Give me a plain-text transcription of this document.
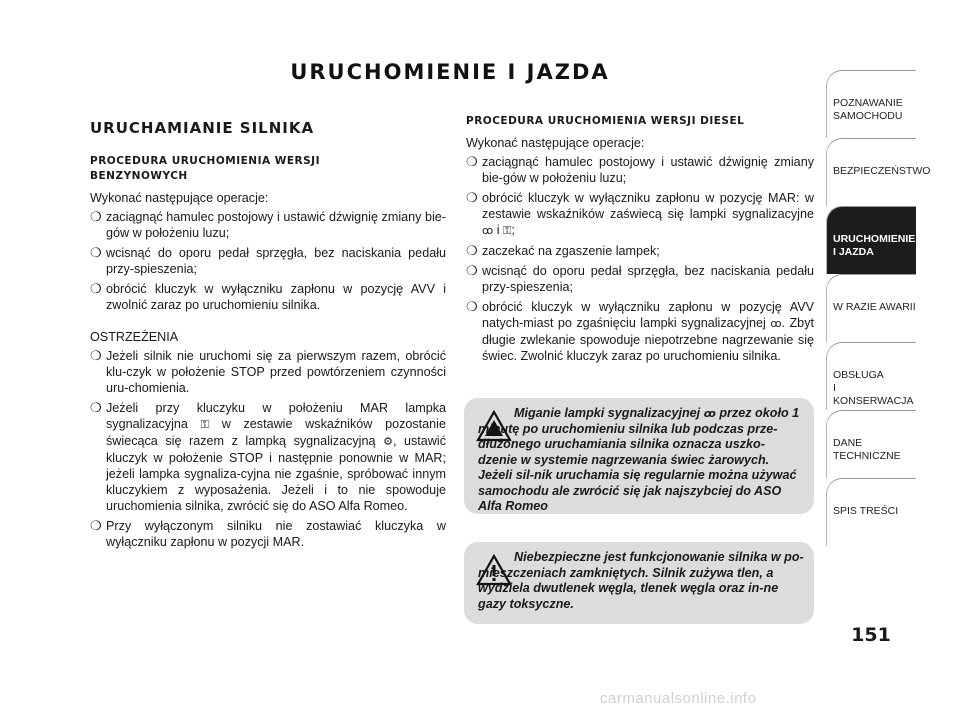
URUCHOMIENIE I JAZDA
URUCHAMIANIE SILNIKA
PROCEDURA URUCHOMIENIA WERSJI
BENZYNOWYCH
Wykonać następujące operacje:
❍ zaciągnąć hamulec postojowy i ustawić dźwignię zmiany bie-gów w położeniu luzu;
❍ wcisnąć do oporu pedał sprzęgła, bez naciskania pedału przy-spieszenia;
❍ obrócić kluczyk w wyłączniku zapłonu w pozycję AVV i zwolnić zaraz po uruchomieniu silnika.
OSTRZEŻENIA
❍ Jeżeli silnik nie uruchomi się za pierwszym razem, obrócić klu-czyk w położenie STOP przed powtórzeniem czynności uru-chomienia.
❍ Jeżeli przy kluczyku w położeniu MAR lampka sygnalizacyjna ⚿ w zestawie wskaźników pozostanie świecąca się razem z lampką sygnalizacyjną ⚙, ustawić kluczyk w położenie STOP i następnie ponownie w MAR; jeżeli lampka sygnaliza-cyjna nie zgaśnie, spróbować innym kluczykiem z wyposażenia. Jeżeli i to nie spowoduje uruchomienia silnika, zwrócić się do ASO Alfa Romeo.
❍ Przy wyłączonym silniku nie zostawiać kluczyka w wyłączniku zapłonu w pozycji MAR.
PROCEDURA URUCHOMIENIA WERSJI DIESEL
Wykonać następujące operacje:
❍ zaciągnąć hamulec postojowy i ustawić dźwignię zmiany bie-gów w położeniu luzu;
❍ obrócić kluczyk w wyłączniku zapłonu w pozycję MAR: w zestawie wskaźników zaświecą się lampki sygnalizacyjne ꝏ i ⚿;
❍ zaczekać na zgaszenie lampek;
❍ wcisnąć do oporu pedał sprzęgła, bez naciskania pedału przy-spieszenia;
❍ obrócić kluczyk w wyłączniku zapłonu w pozycję AVV natych-miast po zgaśnięciu lampki sygnalizacyjnej ꝏ. Zbyt długie zwlekanie spowoduje niepotrzebne nagrzewanie się świec. Zwolnić kluczyk zaraz po uruchomieniu silnika.
Miganie lampki sygnalizacyjnej ꝏ przez około 1 minutę po uruchomieniu silnika lub podczas prze-dłużonego uruchamiania silnika oznacza uszko-dzenie w systemie nagrzewania świec żarowych. Jeżeli sil-nik uruchamia się regularnie można używać samochodu ale zwrócić się jak najszybciej do ASO Alfa Romeo
Niebezpieczne jest funkcjonowanie silnika w po-mieszczeniach zamkniętych. Silnik zużywa tlen, a wydziela dwutlenek węgla, tlenek węgla oraz in-ne gazy toksyczne.
POZNAWANIE
SAMOCHODU
BEZPIECZEŃSTWO
URUCHOMIENIE
I JAZDA
W RAZIE AWARII
OBSŁUGA
I KONSERWACJA
DANE
TECHNICZNE
SPIS TREŚCI
151
carmanualsonline.info
